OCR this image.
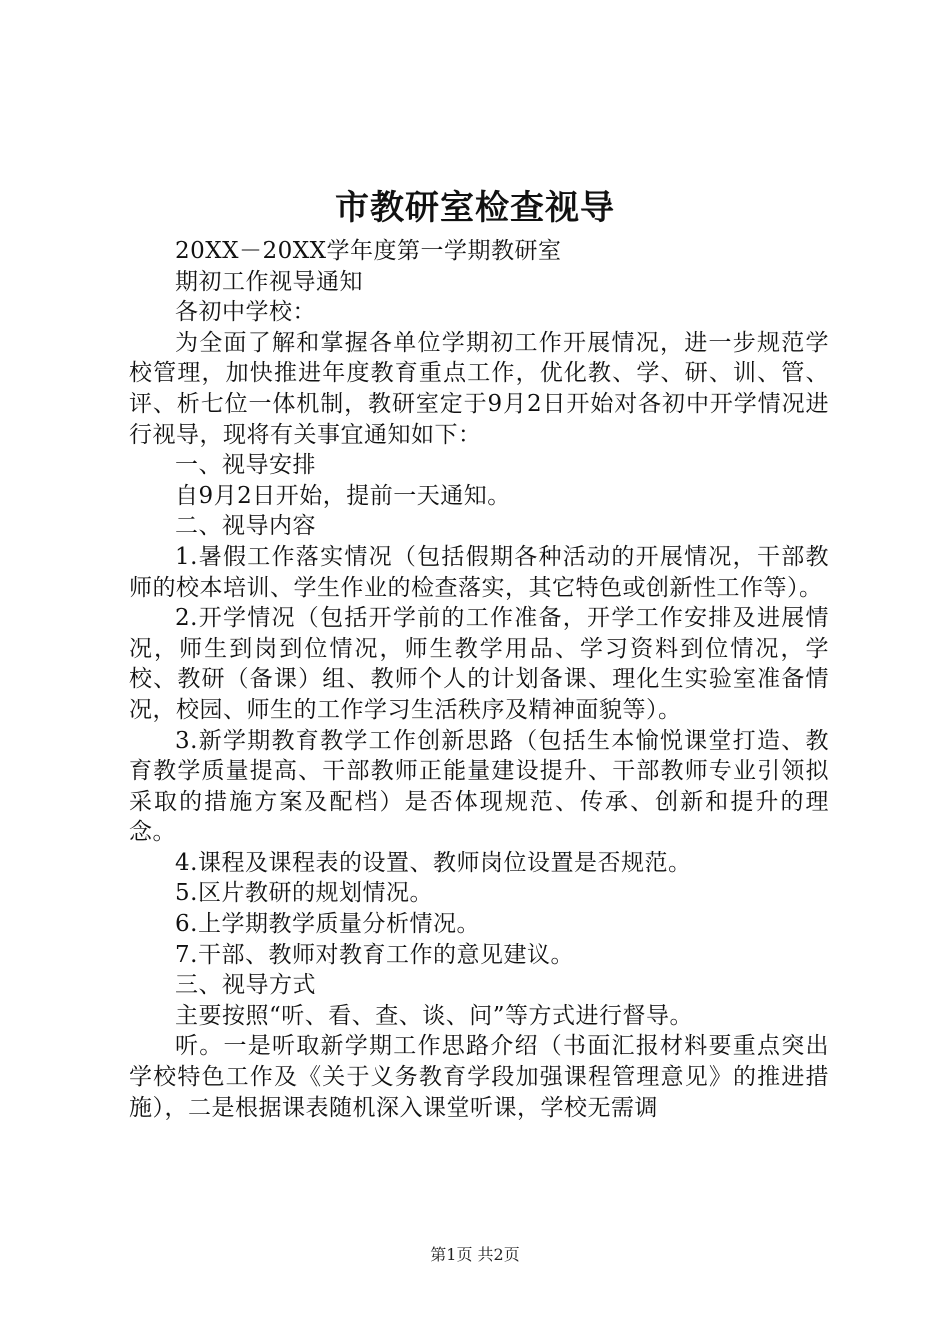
市教研室检查视导

20XX－20XX学年度第一学期教研室

期初工作视导通知

各初中学校：

为全面了解和掌握各单位学期初工作开展情况，进一步规范学校管理，加快推进年度教育重点工作，优化教、学、研、训、管、评、析七位一体机制，教研室定于9月2日开始对各初中开学情况进行视导，现将有关事宜通知如下：

一、视导安排

自9月2日开始，提前一天通知。

二、视导内容

1.暑假工作落实情况（包括假期各种活动的开展情况，干部教师的校本培训、学生作业的检查落实，其它特色或创新性工作等）。

2.开学情况（包括开学前的工作准备，开学工作安排及进展情况，师生到岗到位情况，师生教学用品、学习资料到位情况，学校、教研（备课）组、教师个人的计划备课、理化生实验室准备情况，校园、师生的工作学习生活秩序及精神面貌等）。

3.新学期教育教学工作创新思路（包括生本愉悦课堂打造、教育教学质量提高、干部教师正能量建设提升、干部教师专业引领拟采取的措施方案及配档）是否体现规范、传承、创新和提升的理念。

4.课程及课程表的设置、教师岗位设置是否规范。

5.区片教研的规划情况。

6.上学期教学质量分析情况。

7.干部、教师对教育工作的意见建议。

三、视导方式

主要按照“听、看、查、谈、问”等方式进行督导。

听。一是听取新学期工作思路介绍（书面汇报材料要重点突出学校特色工作及《关于义务教育学段加强课程管理意见》的推进措施），二是根据课表随机深入课堂听课，学校无需调

第1页 共2页
